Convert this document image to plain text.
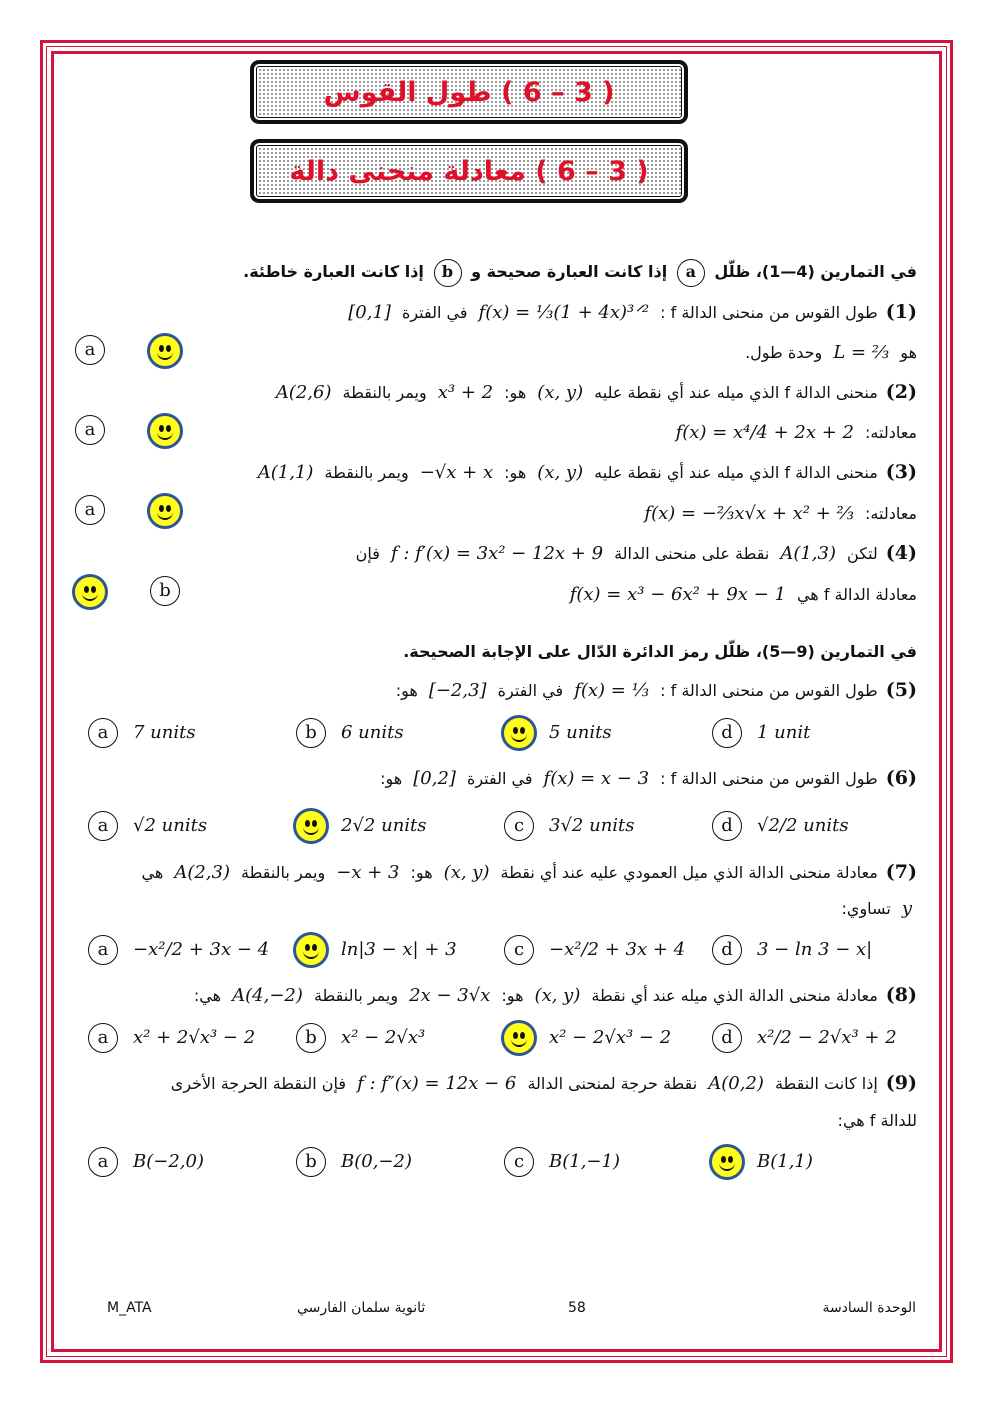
( 3 – 6 ) طول القوس
( 3 – 6 ) معادلة منحنى دالة
في التمارين (4—1)، ظلّل a إذا كانت العبارة صحيحة و b إذا كانت العبارة خاطئة.
(1)طول القوس من منحنى الدالة f : f(x) = ⅓(1 + 4x)³ᐟ² في الفترة [0,1]
هو L = ⅔ وحدة طول.
(2)منحنى الدالة f الذي ميله عند أي نقطة عليه (x, y) هو: x³ + 2 ويمر بالنقطة A(2,6)
معادلته: f(x) = x⁴/4 + 2x + 2
(3)منحنى الدالة f الذي ميله عند أي نقطة عليه (x, y) هو: −√x + x ويمر بالنقطة A(1,1)
معادلته: f(x) = −⅔x√x + x² + ⅔
(4)لتكن A(1,3) نقطة على منحنى الدالة f : f′(x) = 3x² − 12x + 9 فإن
معادلة الدالة f هي f(x) = x³ − 6x² + 9x − 1
في التمارين (9—5)، ظلّل رمز الدائرة الدّال على الإجابة الصحيحة.
(5)طول القوس من منحنى الدالة f : f(x) = ⅓ في الفترة [−2,3] هو:
(6)طول القوس من منحنى الدالة f : f(x) = x − 3 في الفترة [0,2] هو:
(7)معادلة منحنى الدالة الذي ميل العمودي عليه عند أي نقطة (x, y) هو: −x + 3 ويمر بالنقطة A(2,3) هي
y تساوي:
(8)معادلة منحنى الدالة الذي ميله عند أي نقطة (x, y) هو: 2x − 3√x ويمر بالنقطة A(4,−2) هي:
(9)إذا كانت النقطة A(0,2) نقطة حرجة لمنحنى الدالة f : f″(x) = 12x − 6 فإن النقطة الحرجة الأخرى
للدالة f هي:
a
a
a
b
a	7 units	b	6 units	5 units	d	1 unit
a	√2 units	2√2 units	c	3√2 units	d	√2/2 units
a	−x²/2 + 3x − 4	ln|3 − x| + 3	c	−x²/2 + 3x + 4	d	3 − ln 3 − x|
a	x² + 2√x³ − 2	b	x² − 2√x³	x² − 2√x³ − 2	d	x²/2 − 2√x³ + 2
a	B(−2,0)	b	B(0,−2)	c	B(1,−1)	B(1,1)
الوحدة السادسة
58
ثانوية سلمان الفارسي
M_ATA
